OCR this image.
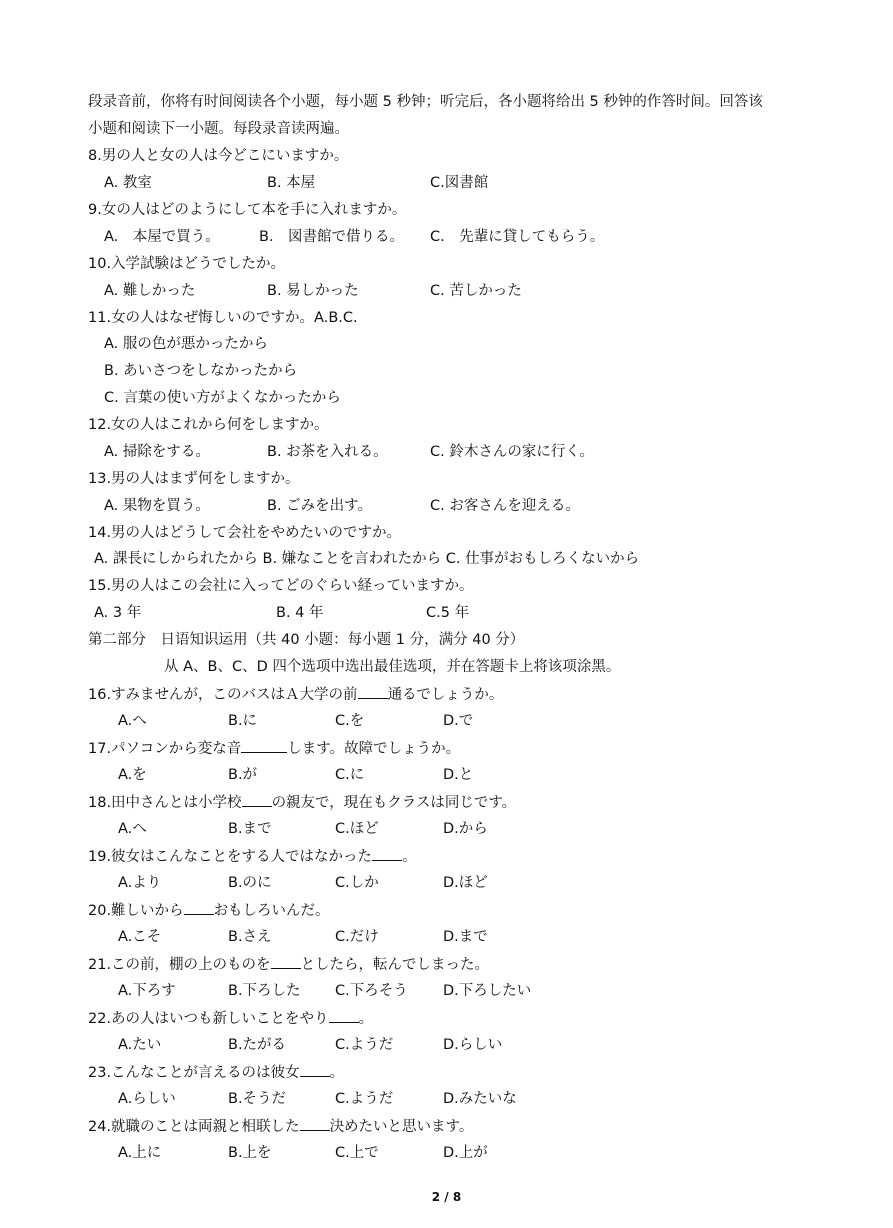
段录音前，你将有时间阅读各个小题，每小题 5 秒钟；听完后，各小题将给出 5 秒钟的作答时间。回答该
小题和阅读下一小题。每段录音读两遍。
8.男の人と女の人は今どこにいますか。
A. 教室	B. 本屋	C.図書館
9.女の人はどのようにして本を手に入れますか。
A.　本屋で買う。	B.　図書館で借りる。 C.　先輩に貸してもらう。
10.入学試験はどうでしたか。
A. 難しかった	B. 易しかった	C. 苦しかった
11.女の人はなぜ悔しいのですか。A.B.C.
A. 服の色が悪かったから
B. あいさつをしなかったから
C. 言葉の使い方がよくなかったから
12.女の人はこれから何をしますか。
A. 掃除をする。	B. お茶を入れる。	C. 鈴木さんの家に行く。
13.男の人はまず何をしますか。
A. 果物を買う。	B. ごみを出す。	C. お客さんを迎える。
14.男の人はどうして会社をやめたいのですか。
A. 課長にしかられたから B. 嫌なことを言われたから C. 仕事がおもしろくないから
15.男の人はこの会社に入ってどのぐらい経っていますか。
A. 3 年	B. 4 年	C.5 年
第二部分　日语知识运用（共 40 小题：每小题 1 分，满分 40 分）
从 A、B、C、D 四个选项中选出最佳选项，并在答题卡上将该项涂黑。
16.すみませんが，このバスはＡ大学の前 通るでしょうか。
A.へ	B.に	C.を	D.で
17.パソコンから変な音	します。故障でしょうか。
A.を	B.が	C.に	D.と
18.田中さんとは小学校 の親友で，現在もクラスは同じです。
A.へ	B.まで	C.ほど	D.から
19.彼女はこんなことをする人ではなかった 。
A.より	B.のに	C.しか	D.ほど
20.難しいから おもしろいんだ。
A.こそ	B.さえ	C.だけ	D.まで
21.この前，棚の上のものを としたら，転んでしまった。
A.下ろす	B.下ろした C.下ろそう D.下ろしたい
22.あの人はいつも新しいことをやり 。
A.たい	B.たがる	C.ようだ	D.らしい
23.こんなことが言えるのは彼女 。
A.らしい	B.そうだ	C.ようだ	D.みたいな
24.就職のことは両親と相联した 決めたいと思います。
A.上に	B.上を	C.上で	D.上が
2 / 8
